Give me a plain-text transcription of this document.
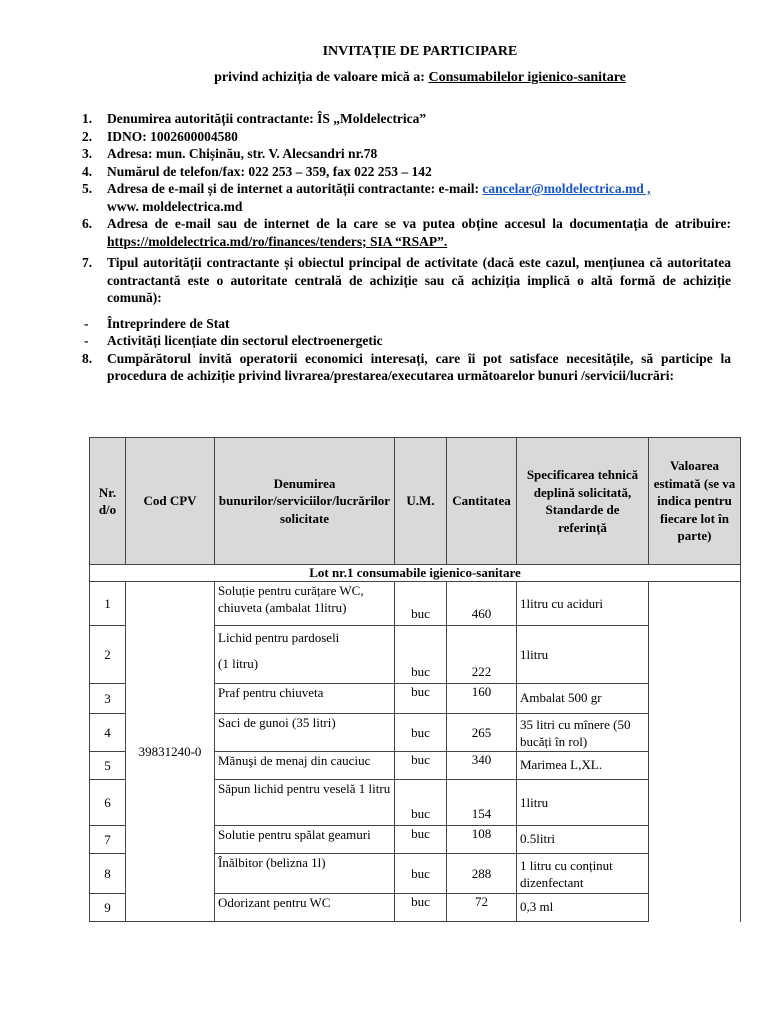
INVITAȚIE DE PARTICIPARE
privind achiziția de valoare mică a: Consumabilelor igienico-sanitare
1. Denumirea autorității contractante: ÎS „Moldelectrica”
2. IDNO: 1002600004580
3. Adresa: mun. Chișinău, str. V. Alecsandri nr.78
4. Numărul de telefon/fax: 022 253 – 359, fax 022 253 – 142
5. Adresa de e-mail și de internet a autorității contractante: e-mail: cancelar@moldelectrica.md ,
www. moldelectrica.md
6. Adresa de e-mail sau de internet de la care se va putea obține accesul la documentația de atribuire: https://moldelectrica.md/ro/finances/tenders; SIA “RSAP”.
7. Tipul autorității contractante și obiectul principal de activitate (dacă este cazul, mențiunea că autoritatea contractantă este o autoritate centrală de achiziție sau că achiziția implică o altă formă de achiziție comună):
- Întreprindere de Stat
- Activități licențiate din sectorul electroenergetic
8. Cumpărătorul invită operatorii economici interesați, care îi pot satisface necesitățile, să participe la procedura de achiziție privind livrarea/prestarea/executarea următoarelor bunuri /servicii/lucrări:
Nr. d/o	Cod CPV	Denumirea bunurilor/serviciilor/lucrărilor solicitate	U.M.	Cantitatea	Specificarea tehnică deplină solicitată, Standarde de referință	Valoarea estimată (se va indica pentru fiecare lot în parte)
Lot nr.1 consumabile igienico-sanitare						
1	39831240-0	Soluție pentru curățare WC, chiuveta (ambalat 1litru)	buc	460	1litru cu aciduri	
2		Lichid pentru pardoseli
(1 litru)	buc	222	1litru	
3		Praf pentru chiuveta	buc	160	Ambalat 500 gr	
4		Saci de gunoi (35 litri)	buc	265	35 litri cu mînere (50 bucăți în rol)	
5		Mănuşi de menaj din cauciuc	buc	340	Marimea L,XL.	
6		Săpun lichid pentru veselă 1 litru	buc	154	1litru	
7		Solutie pentru spălat geamuri	buc	108	0.5litri	
8		Înălbitor (belizna 1l)	buc	288	1 litru cu conținut dizenfectant	
9		Odorizant pentru WC	buc	72	0,3 ml	
